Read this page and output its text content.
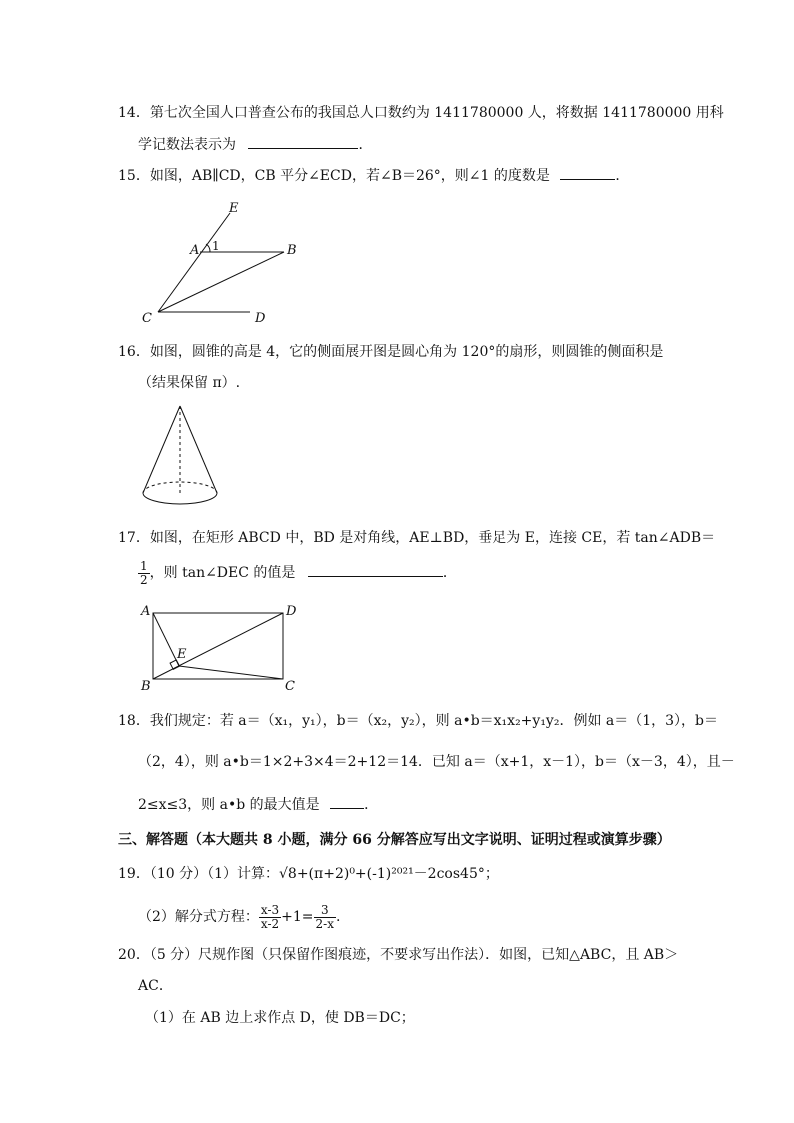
14．第七次全国人口普查公布的我国总人口数约为 1411780000 人，将数据 1411780000 用科
学记数法表示为	．
15．如图，AB∥CD，CB 平分∠ECD，若∠B＝26°，则∠1 的度数是	．
E
A 1	B
C	D
16．如图，圆锥的高是 4，它的侧面展开图是圆心角为 120°的扇形，则圆锥的侧面积是
（结果保留 π）.
17．如图，在矩形 ABCD 中，BD 是对角线，AE⊥BD，垂足为 E，连接 CE，若 tan∠ADB＝
$\frac{1}{2}$ ，则 tan∠DEC 的值是	．
A	D
E
B	C
18．我们规定：若 a＝（x₁，y₁），b＝（x₂，y₂），则 a•b＝x₁x₂+y₁y₂．例如 a＝（1，3），b＝
（2，4），则 a•b＝1×2+3×4＝2+12＝14．已知 a＝（x+1，x－1），b＝（x－3，4），且－
2≤x≤3，则 a•b 的最大值是	．
三、解答题（本大题共 8 小题，满分 66 分解答应写出文字说明、证明过程或演算步骤）
19．（10 分）（1）计算：√8+(π+2)⁰+(-1)²⁰²¹－2cos45°；
（2）解分式方程： $\frac{x-3}{x-2} +1= \frac{3}{2-x}$ .
20．（5 分）尺规作图（只保留作图痕迹，不要求写出作法）．如图，已知△ABC，且 AB＞
AC．
（1）在 AB 边上求作点 D，使 DB＝DC；
